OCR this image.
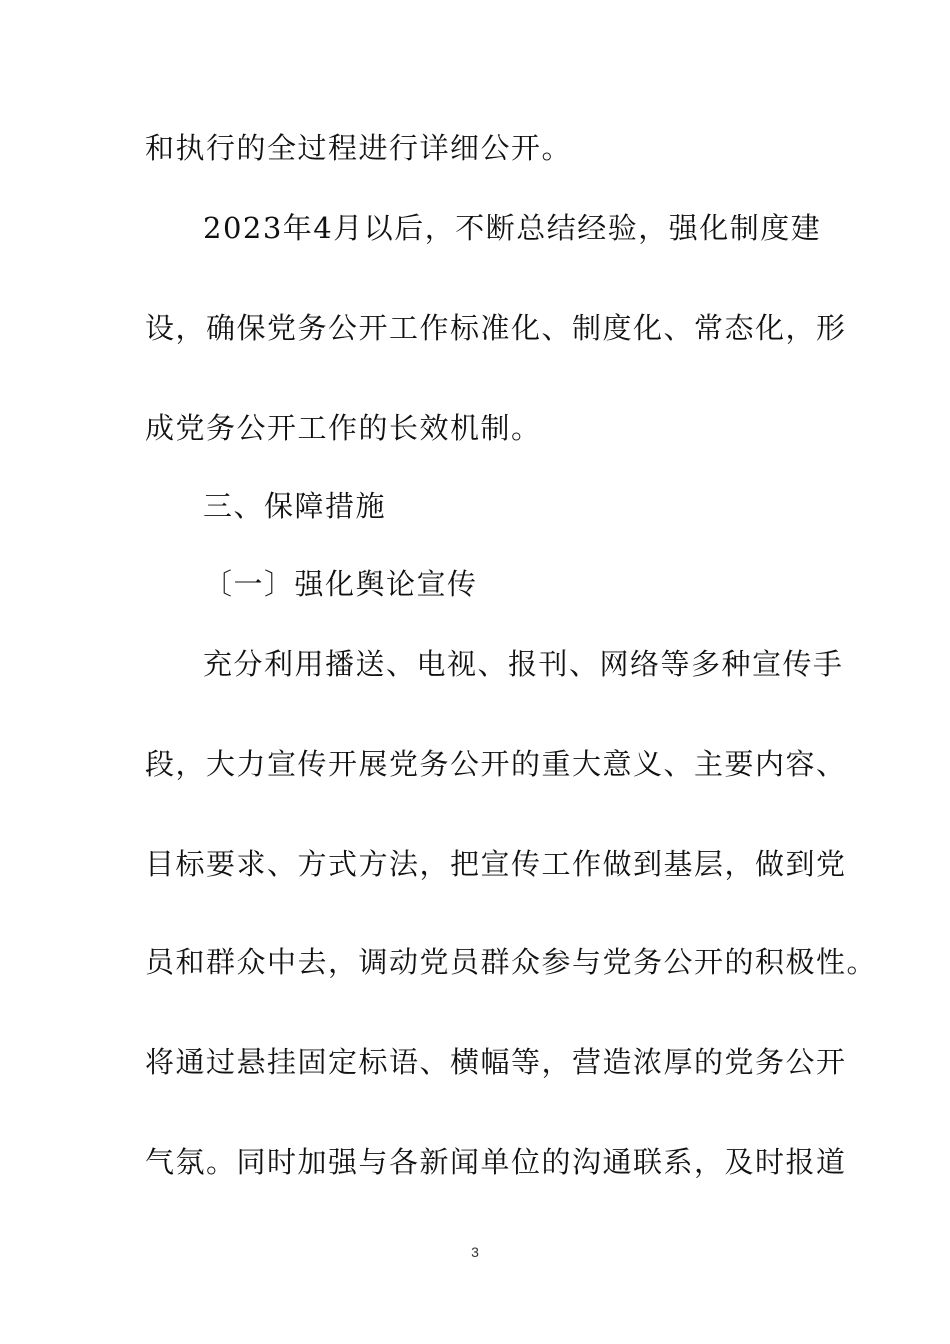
和执行的全过程进行详细公开。
2023年4月以后，不断总结经验，强化制度建
设，确保党务公开工作标准化、制度化、常态化，形
成党务公开工作的长效机制。
三、保障措施
〔一〕强化舆论宣传
充分利用播送、电视、报刊、网络等多种宣传手
段，大力宣传开展党务公开的重大意义、主要内容、
目标要求、方式方法，把宣传工作做到基层，做到党
员和群众中去，调动党员群众参与党务公开的积极性。
将通过悬挂固定标语、横幅等，营造浓厚的党务公开
气氛。同时加强与各新闻单位的沟通联系，及时报道
3
